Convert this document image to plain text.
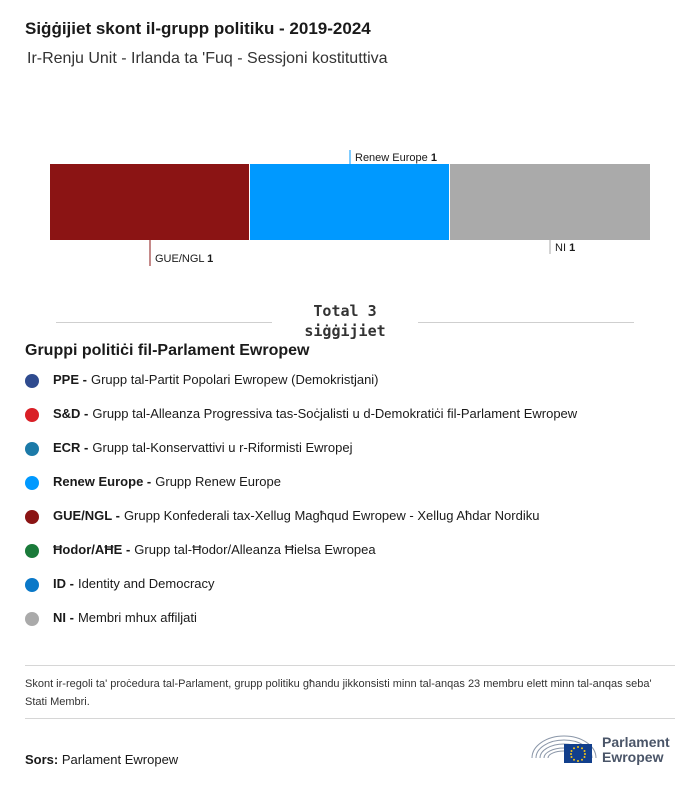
Siġġijiet skont il-grupp politiku - 2019-2024
Ir-Renju Unit - Irlanda ta 'Fuq - Sessjoni kostituttiva
GUE/NGL 1
Renew Europe 1
NI 1
Total 3
siġġijiet
Gruppi politiċi fil-Parlament Ewropew
PPE - Grupp tal-Partit Popolari Ewropew (Demokristjani)
S&D - Grupp tal-Alleanza Progressiva tas-Soċjalisti u d-Demokratiċi fil-Parlament Ewropew
ECR - Grupp tal-Konservattivi u r-Riformisti Ewropej
Renew Europe - Grupp Renew Europe
GUE/NGL - Grupp Konfederali tax-Xellug Magħqud Ewropew - Xellug Aħdar Nordiku
Ħodor/AĦE - Grupp tal-Ħodor/Alleanza Ħielsa Ewropea
ID - Identity and Democracy
NI - Membri mhux affiljati
Skont ir-regoli ta' proċedura tal-Parlament, grupp politiku għandu jikkonsisti minn tal-anqas 23 membru elett minn tal-anqas seba' Stati Membri.
Sors: Parlament Ewropew
Parlament
Ewropew
